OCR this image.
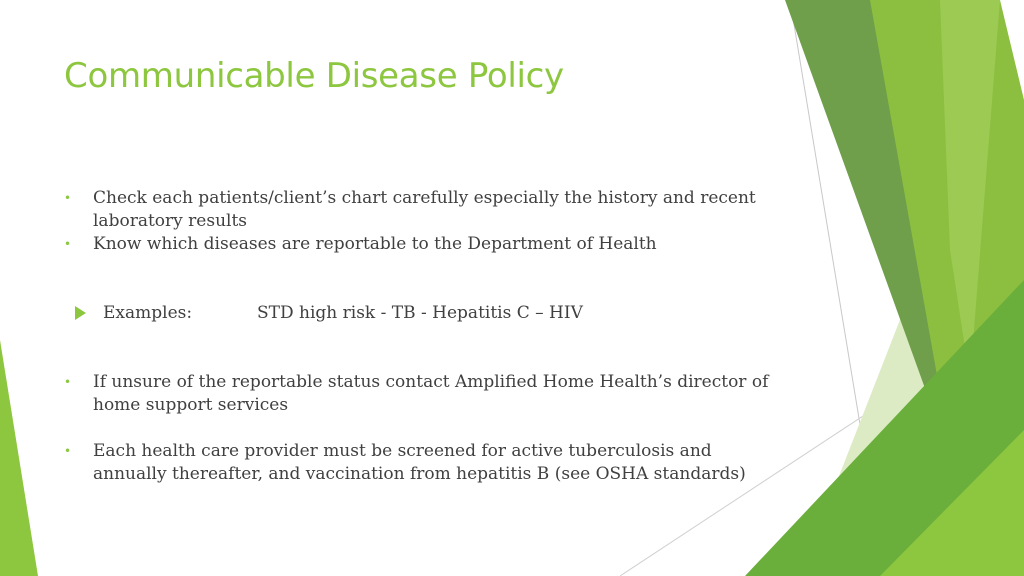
Communicable Disease Policy
• Check each patients/client’s chart carefully especially the history and recent laboratory results
• Know which diseases are reportable to the Department of Health
Examples:	STD high risk - TB - Hepatitis C – HIV
• If unsure of the reportable status contact Amplified Home Health’s director of home support services
• Each health care provider must be screened for active tuberculosis and annually thereafter, and vaccination from hepatitis B (see OSHA standards)
